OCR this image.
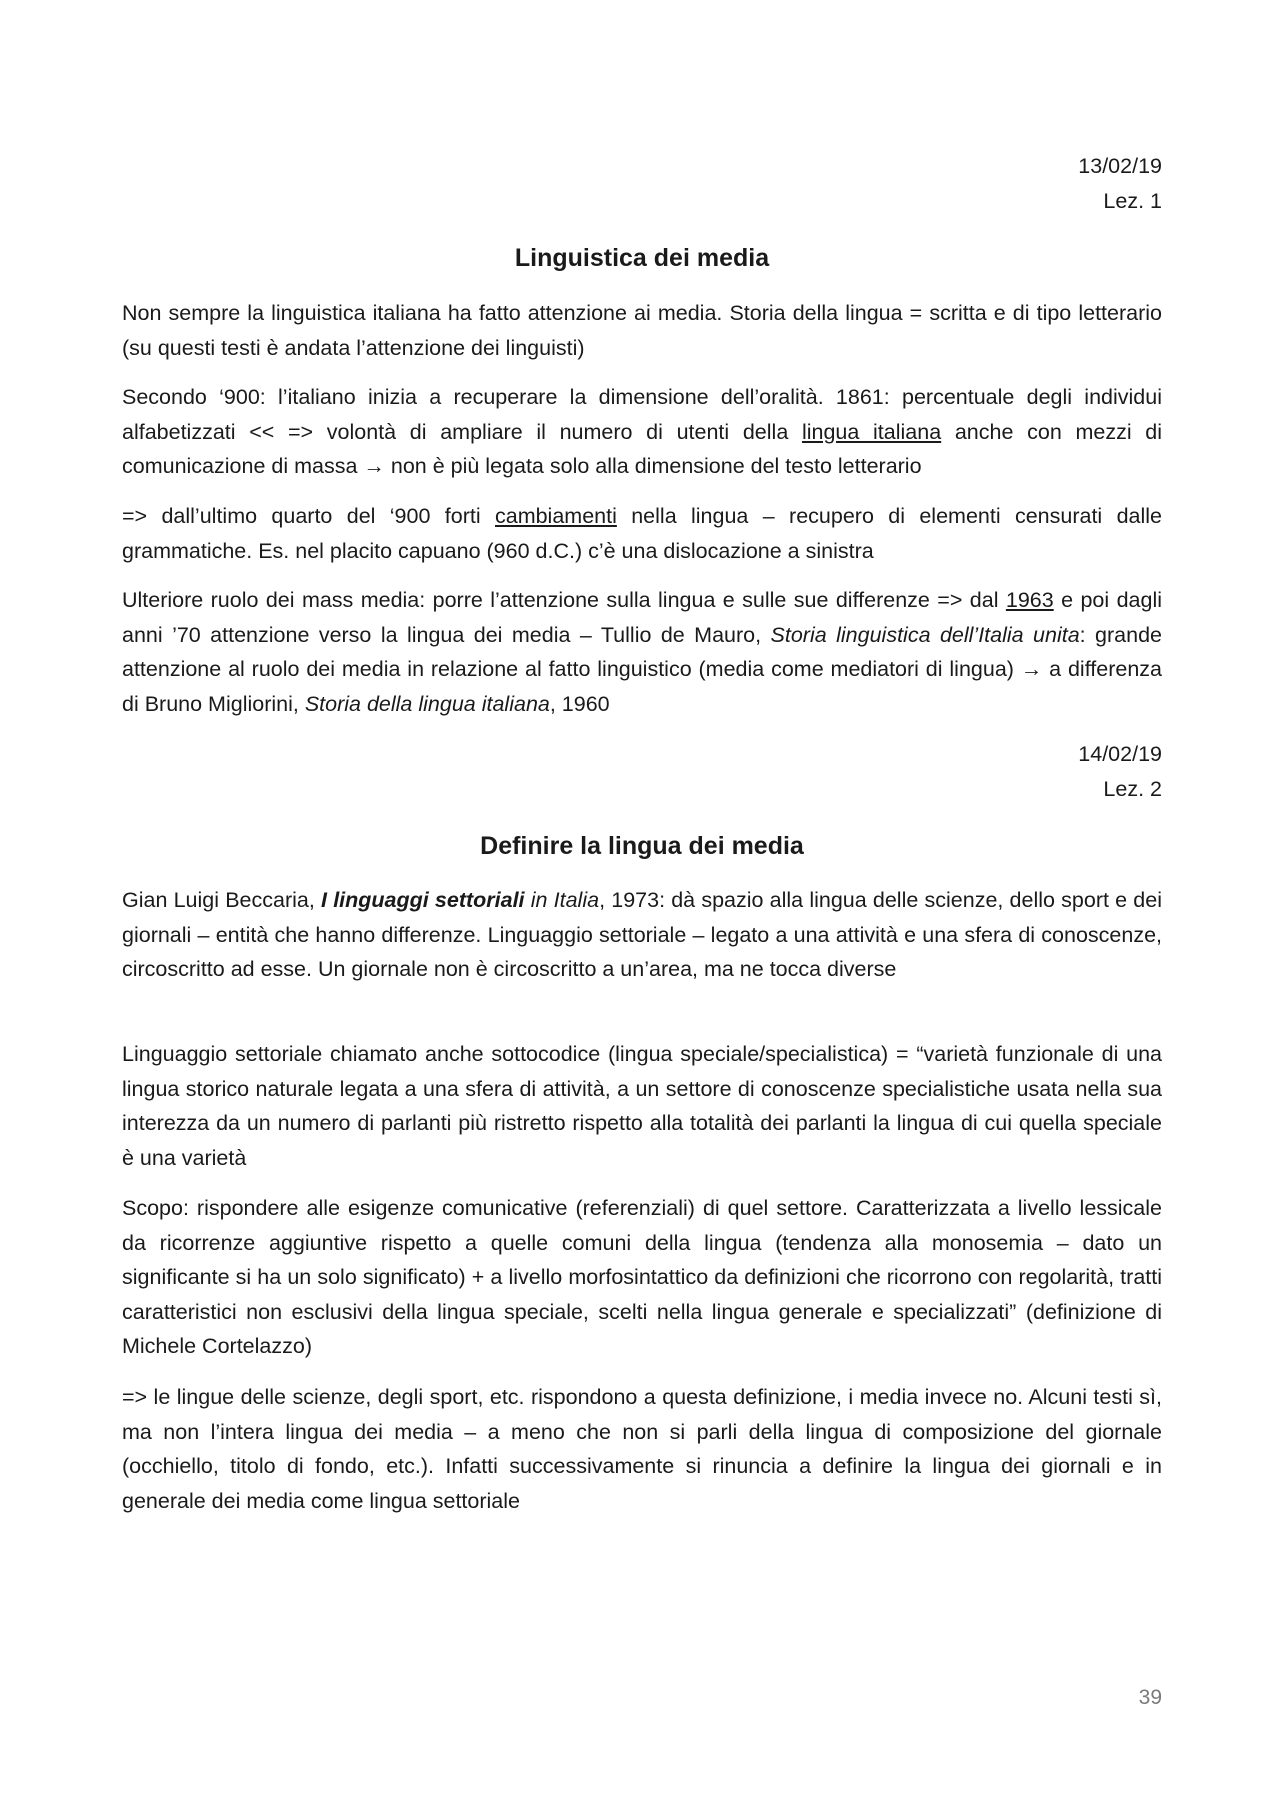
13/02/19
Lez. 1
Linguistica dei media

Non sempre la linguistica italiana ha fatto attenzione ai media. Storia della lingua = scritta e di tipo letterario (su questi testi è andata l’attenzione dei linguisti)

Secondo ‘900: l’italiano inizia a recuperare la dimensione dell’oralità. 1861: percentuale degli individui alfabetizzati << => volontà di ampliare il numero di utenti della lingua italiana anche con mezzi di comunicazione di massa → non è più legata solo alla dimensione del testo letterario

=> dall’ultimo quarto del ‘900 forti cambiamenti nella lingua – recupero di elementi censurati dalle grammatiche. Es. nel placito capuano (960 d.C.) c’è una dislocazione a sinistra

Ulteriore ruolo dei mass media: porre l’attenzione sulla lingua e sulle sue differenze => dal 1963 e poi dagli anni ’70 attenzione verso la lingua dei media – Tullio de Mauro, Storia linguistica dell’Italia unita: grande attenzione al ruolo dei media in relazione al fatto linguistico (media come mediatori di lingua) → a differenza di Bruno Migliorini, Storia della lingua italiana, 1960

14/02/19
Lez. 2
Definire la lingua dei media

Gian Luigi Beccaria, I linguaggi settoriali in Italia, 1973: dà spazio alla lingua delle scienze, dello sport e dei giornali – entità che hanno differenze. Linguaggio settoriale – legato a una attività e una sfera di conoscenze, circoscritto ad esse. Un giornale non è circoscritto a un’area, ma ne tocca diverse

Linguaggio settoriale chiamato anche sottocodice (lingua speciale/specialistica) = “varietà funzionale di una lingua storico naturale legata a una sfera di attività, a un settore di conoscenze specialistiche usata nella sua interezza da un numero di parlanti più ristretto rispetto alla totalità dei parlanti la lingua di cui quella speciale è una varietà

Scopo: rispondere alle esigenze comunicative (referenziali) di quel settore. Caratterizzata a livello lessicale da ricorrenze aggiuntive rispetto a quelle comuni della lingua (tendenza alla monosemia – dato un significante si ha un solo significato) + a livello morfosintattico da definizioni che ricorrono con regolarità, tratti caratteristici non esclusivi della lingua speciale, scelti nella lingua generale e specializzati” (definizione di Michele Cortelazzo)

=> le lingue delle scienze, degli sport, etc. rispondono a questa definizione, i media invece no. Alcuni testi sì, ma non l’intera lingua dei media – a meno che non si parli della lingua di composizione del giornale (occhiello, titolo di fondo, etc.). Infatti successivamente si rinuncia a definire la lingua dei giornali e in generale dei media come lingua settoriale

39
